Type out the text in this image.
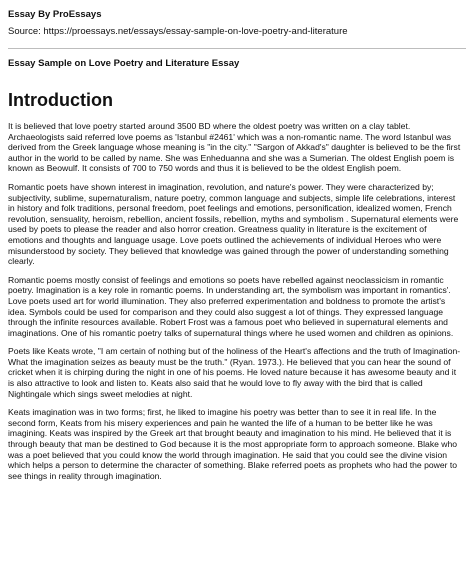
Essay By ProEssays

Source: https://proessays.net/essays/essay-sample-on-love-poetry-and-literature

Essay Sample on Love Poetry and Literature Essay

Introduction

It is believed that love poetry started around 3500 BD where the oldest poetry was written on a clay tablet. Archaeologists said referred love poems as 'Istanbul #2461' which was a non-romantic name. The word Istanbul was derived from the Greek language whose meaning is "in the city." "Sargon of Akkad's" daughter is believed to be the first author in the world to be called by name. She was Enheduanna and she was a Sumerian. The oldest English poem is known as Beowulf. It consists of 700 to 750 words and thus it is believed to be the oldest English poem.

Romantic poets have shown interest in imagination, revolution, and nature's power. They were characterized by; subjectivity, sublime, supernaturalism, nature poetry, common language and subjects, simple life celebrations, interest in history and folk traditions, personal freedom, poet feelings and emotions, personification, idealized women, French revolution, sensuality, heroism, rebellion, ancient fossils, rebellion, myths and symbolism . Supernatural elements were used by poets to please the reader and also horror creation. Greatness quality in literature is the excitement of emotions and thoughts and language usage. Love poets outlined the achievements of individual Heroes who were misunderstood by society. They believed that knowledge was gained through the power of understanding something clearly.

Romantic poems mostly consist of feelings and emotions so poets have rebelled against neoclassicism in romantic poetry. Imagination is a key role in romantic poems. In understanding art, the symbolism was important in romantics'. Love poets used art for world illumination. They also preferred experimentation and boldness to promote the artist's idea. Symbols could be used for comparison and they could also suggest a lot of things. They expressed language through the infinite resources available. Robert Frost was a famous poet who believed in supernatural elements and imaginations. One of his romantic poetry talks of supernatural things where he used women and children as opinions.

Poets like Keats wrote, "I am certain of nothing but of the holiness of the Heart's affections and the truth of Imagination- What the imagination seizes as beauty must be the truth." (Ryan. 1973.). He believed that you can hear the sound of cricket when it is chirping during the night in one of his poems. He loved nature because it has awesome beauty and it is also attractive to look and listen to. Keats also said that he would love to fly away with the bird that is called Nightingale which sings sweet melodies at night.

Keats imagination was in two forms; first, he liked to imagine his poetry was better than to see it in real life. In the second form, Keats from his misery experiences and pain he wanted the life of a human to be better like he was imagining. Keats was inspired by the Greek art that brought beauty and imagination to his mind. He believed that it is through beauty that man be destined to God because it is the most appropriate form to approach someone. Blake who was a poet believed that you could know the world through imagination. He said that you could see the divine vision which helps a person to determine the character of something. Blake referred poets as prophets who had the power to see things in reality through imagination.
